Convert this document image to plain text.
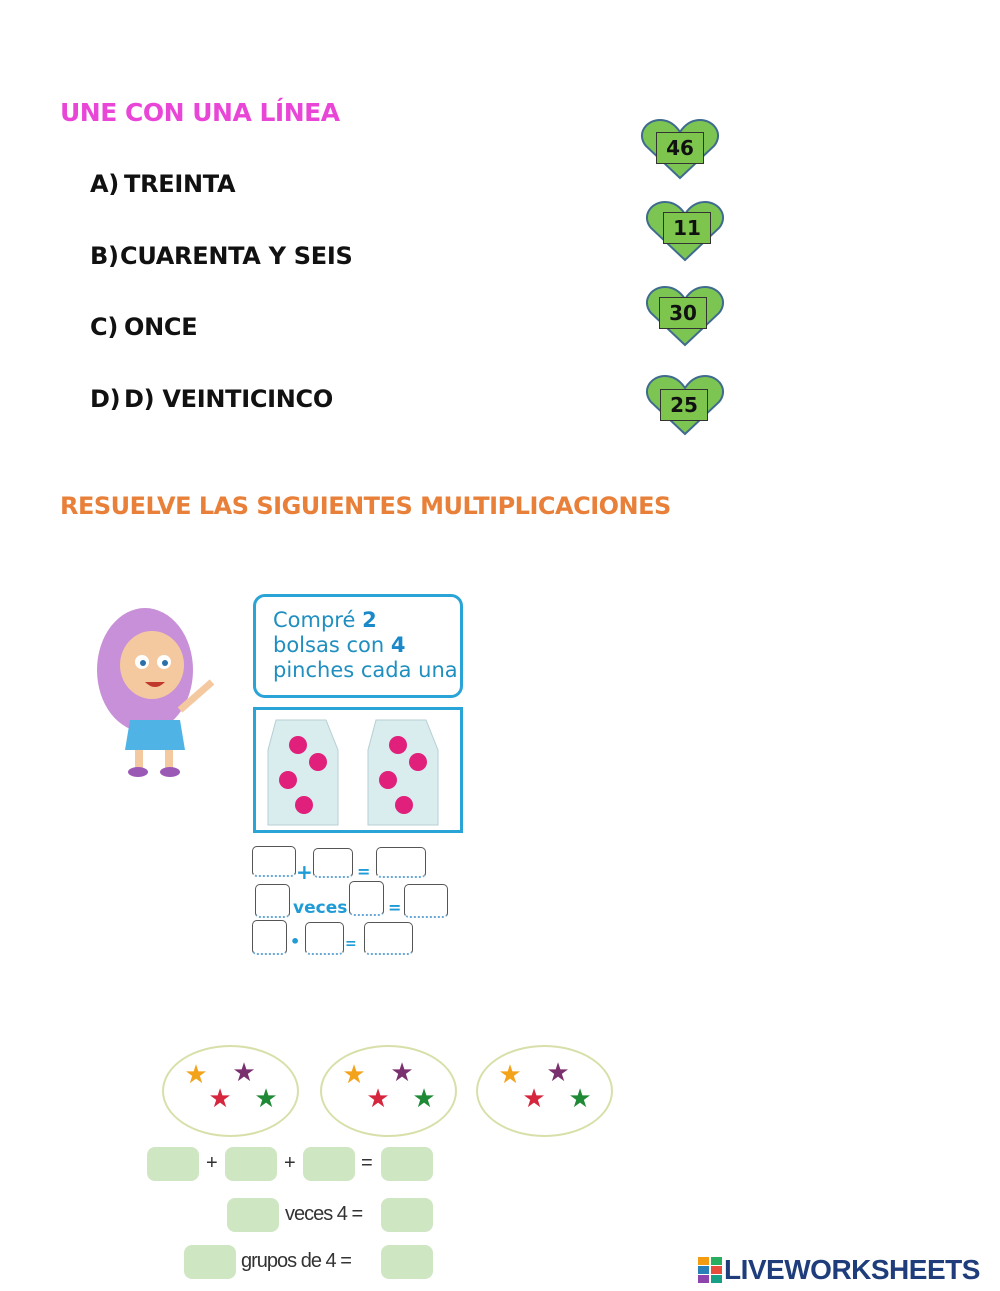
UNE CON UNA LÍNEA
A) TREINTA
B) CUARENTA Y SEIS
C) ONCE
D) D) VEINTICINCO
46
11
30
25
RESUELVE LAS SIGUIENTES MULTIPLICACIONES
Compré 2
bolsas con 4
pinches cada una
+	=
veces	=
•	=
★ ★
★ ★
★ ★
★ ★
★ ★
★ ★
+	+	=
veces 4 =
grupos de 4 =	LIVEWORKSHEETS
